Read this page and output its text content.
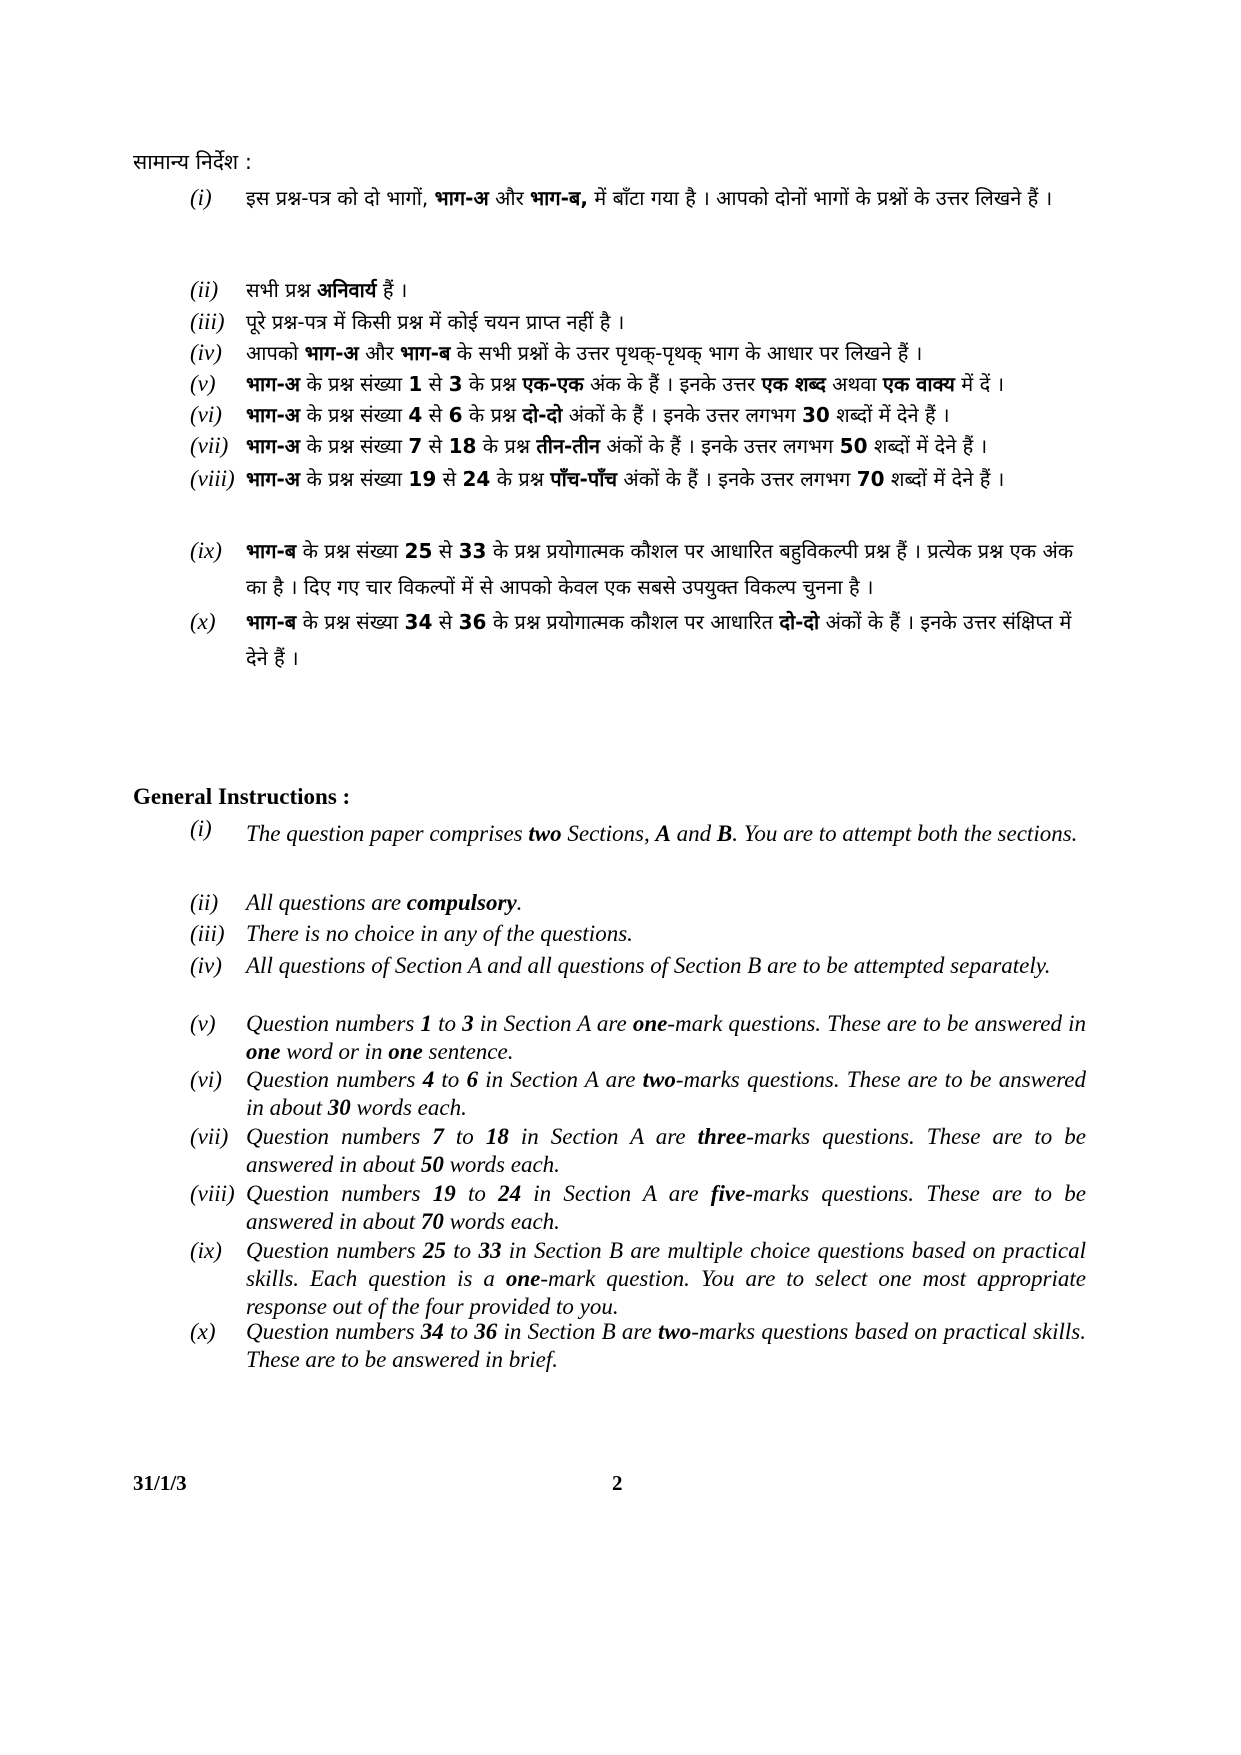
सामान्य निर्देश :
(i) इस प्रश्न-पत्र को दो भागों, भाग-अ और भाग-ब, में बाँटा गया है । आपको दोनों भागों के प्रश्नों के उत्तर लिखने हैं ।
(ii) सभी प्रश्न अनिवार्य हैं ।
(iii) पूरे प्रश्न-पत्र में किसी प्रश्न में कोई चयन प्राप्त नहीं है ।
(iv) आपको भाग-अ और भाग-ब के सभी प्रश्नों के उत्तर पृथक्-पृथक् भाग के आधार पर लिखने हैं ।
(v) भाग-अ के प्रश्न संख्या 1 से 3 के प्रश्न एक-एक अंक के हैं । इनके उत्तर एक शब्द अथवा एक वाक्य में दें ।
(vi) भाग-अ के प्रश्न संख्या 4 से 6 के प्रश्न दो-दो अंकों के हैं । इनके उत्तर लगभग 30 शब्दों में देने हैं ।
(vii) भाग-अ के प्रश्न संख्या 7 से 18 के प्रश्न तीन-तीन अंकों के हैं । इनके उत्तर लगभग 50 शब्दों में देने हैं ।
(viii) भाग-अ के प्रश्न संख्या 19 से 24 के प्रश्न पाँच-पाँच अंकों के हैं । इनके उत्तर लगभग 70 शब्दों में देने हैं ।
(ix) भाग-ब के प्रश्न संख्या 25 से 33 के प्रश्न प्रयोगात्मक कौशल पर आधारित बहुविकल्पी प्रश्न हैं । प्रत्येक प्रश्न एक अंक का है । दिए गए चार विकल्पों में से आपको केवल एक सबसे उपयुक्त विकल्प चुनना है ।
(x) भाग-ब के प्रश्न संख्या 34 से 36 के प्रश्न प्रयोगात्मक कौशल पर आधारित दो-दो अंकों के हैं । इनके उत्तर संक्षिप्त में देने हैं ।
General Instructions :
(i) The question paper comprises two Sections, A and B. You are to attempt both the sections.
(ii) All questions are compulsory.
(iii) There is no choice in any of the questions.
(iv) All questions of Section A and all questions of Section B are to be attempted separately.
(v) Question numbers 1 to 3 in Section A are one-mark questions. These are to be answered in one word or in one sentence.
(vi) Question numbers 4 to 6 in Section A are two-marks questions. These are to be answered in about 30 words each.
(vii) Question numbers 7 to 18 in Section A are three-marks questions. These are to be answered in about 50 words each.
(viii) Question numbers 19 to 24 in Section A are five-marks questions. These are to be answered in about 70 words each.
(ix) Question numbers 25 to 33 in Section B are multiple choice questions based on practical skills. Each question is a one-mark question. You are to select one most appropriate response out of the four provided to you.
(x) Question numbers 34 to 36 in Section B are two-marks questions based on practical skills. These are to be answered in brief.
31/1/3	2
